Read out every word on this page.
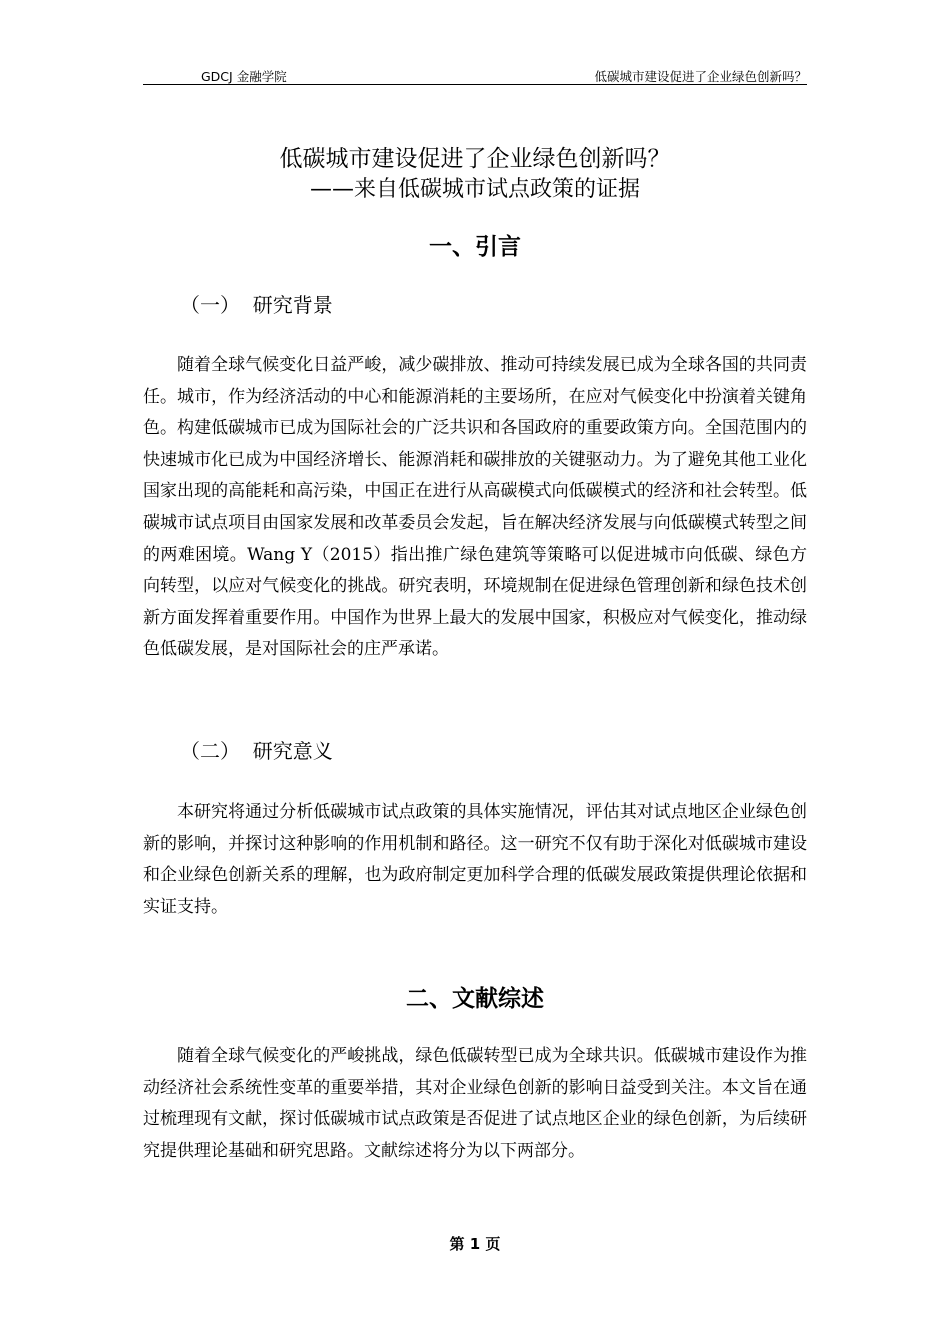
GDCJ 金融学院	低碳城市建设促进了企业绿色创新吗？
低碳城市建设促进了企业绿色创新吗？
——来自低碳城市试点政策的证据
一、引言
（一）  研究背景

随着全球气候变化日益严峻，减少碳排放、推动可持续发展已成为全球各国的共同责任。城市，作为经济活动的中心和能源消耗的主要场所，在应对气候变化中扮演着关键角色。构建低碳城市已成为国际社会的广泛共识和各国政府的重要政策方向。全国范围内的快速城市化已成为中国经济增长、能源消耗和碳排放的关键驱动力。为了避免其他工业化国家出现的高能耗和高污染，中国正在进行从高碳模式向低碳模式的经济和社会转型。低碳城市试点项目由国家发展和改革委员会发起，旨在解决经济发展与向低碳模式转型之间的两难困境。Wang Y（2015）指出推广绿色建筑等策略可以促进城市向低碳、绿色方向转型，以应对气候变化的挑战。研究表明，环境规制在促进绿色管理创新和绿色技术创新方面发挥着重要作用。中国作为世界上最大的发展中国家，积极应对气候变化，推动绿色低碳发展，是对国际社会的庄严承诺。

（二）  研究意义

本研究将通过分析低碳城市试点政策的具体实施情况，评估其对试点地区企业绿色创新的影响，并探讨这种影响的作用机制和路径。这一研究不仅有助于深化对低碳城市建设和企业绿色创新关系的理解，也为政府制定更加科学合理的低碳发展政策提供理论依据和实证支持。

二、文献综述

随着全球气候变化的严峻挑战，绿色低碳转型已成为全球共识。低碳城市建设作为推动经济社会系统性变革的重要举措，其对企业绿色创新的影响日益受到关注。本文旨在通过梳理现有文献，探讨低碳城市试点政策是否促进了试点地区企业的绿色创新，为后续研究提供理论基础和研究思路。文献综述将分为以下两部分。

第 1 页
